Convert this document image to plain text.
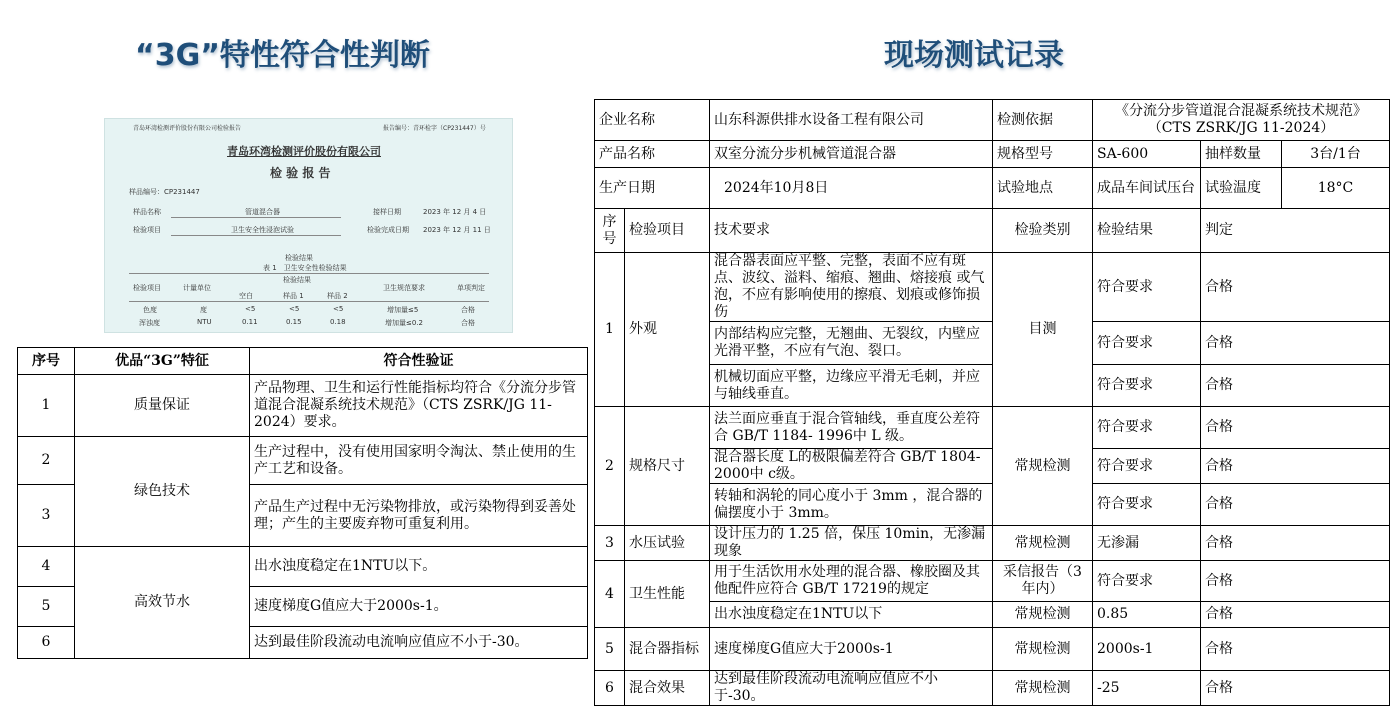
“3G”特性符合性判断	现场测试记录
青岛环湾检测评价股份有限公司检验报告	报告编号：青环检字（CP231447）号
青岛环湾检测评价股份有限公司
检 验 报 告
样品编号：CP231447
样品名称	管道混合器	接样日期	2023 年 12 月 4 日
检验项目	卫生安全性浸泡试验	检验完成日期 2023 年 12 月 11 日
检验结果
表 1　卫生安全性检验结果
检验项目	计量单位
检验结果
卫生规范要求	单项判定
空白	样品 1	样品 2
色度	度	<5	<5	<5	增加量≤5	合格
浑浊度	NTU	0.11	0.15	0.18	增加量≤0.2	合格
序号	优品“3G”特征	符合性验证
1	质量保证	产品物理、卫生和运行性能指标均符合《分流分步管道混合混凝系统技术规范》（CTS ZSRK/JG 11-2024）要求。
2	绿色技术	生产过程中，没有使用国家明令淘汰、禁止使用的生产工艺和设备。
3		产品生产过程中无污染物排放，或污染物得到妥善处理；产生的主要废弃物可重复利用。
4	高效节水	出水浊度稳定在1NTU以下。
5		速度梯度G值应大于2000s-1。
6		达到最佳阶段流动电流响应值应不小于-30。
企业名称		山东科源供排水设备工程有限公司	检测依据	《分流分步管道混合混凝系统技术规范》（CTS ZSRK/JG 11-2024）		
产品名称		双室分流分步机械管道混合器	规格型号	SA-600	抽样数量	3台/1台
生产日期		2024年10月8日	试验地点	成品车间试压台	试验温度	18°C
序号	检验项目	技术要求	检验类别	检验结果	判定	
1	外观	混合器表面应平整、完整，表面不应有斑点、波纹、溢料、缩痕、翘曲、熔接痕 或气泡，不应有影响使用的擦痕、划痕或修饰损伤	目测	符合要求	合格	
		内部结构应完整，无翘曲、无裂纹，内壁应光滑平整，不应有气泡、裂口。		符合要求	合格	
		机械切面应平整，边缘应平滑无毛刺，并应与轴线垂直。		符合要求	合格	
2	规格尺寸	法兰面应垂直于混合管轴线，垂直度公差符合 GB/T 1184- 1996中 L 级。	常规检测	符合要求	合格	
		混合器长度 L的极限偏差符合 GB/T 1804-2000中 c级。		符合要求	合格	
		转轴和涡轮的同心度小于 3mm ，混合器的偏摆度小于 3mm。		符合要求	合格	
3	水压试验	设计压力的 1.25 倍，保压 10min，无渗漏现象	常规检测	无渗漏	合格	
4	卫生性能	用于生活饮用水处理的混合器、橡胶圈及其他配件应符合 GB/T 17219的规定	采信报告（3年内）	符合要求	合格	
		出水浊度稳定在1NTU以下	常规检测	0.85	合格	
5	混合器指标	速度梯度G值应大于2000s-1	常规检测	2000s-1	合格	
6	混合效果	达到最佳阶段流动电流响应值应不小于-30。	常规检测	-25	合格	
